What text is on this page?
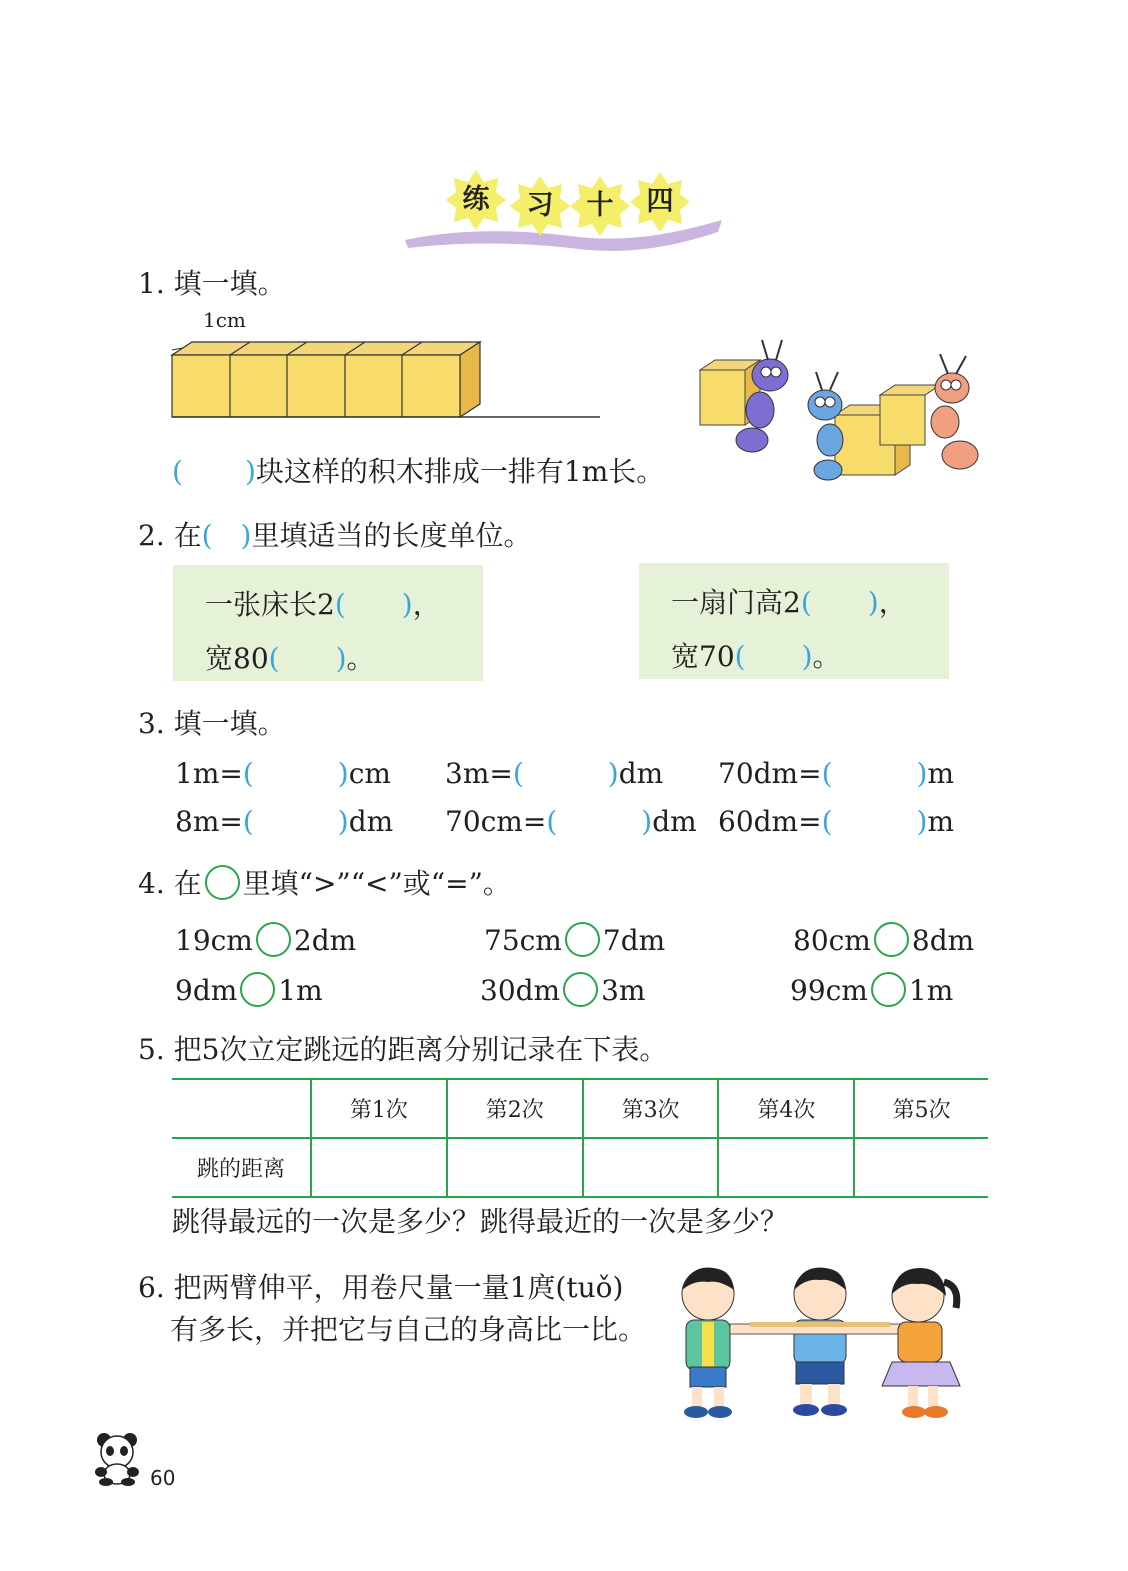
练	习	十	四
1. 填一填。
1cm
( )块这样的积木排成一排有1m长。
2. 在(　)里填适当的长度单位。
一张床长2(　　)，
宽80(　　)。
一扇门高2(　　)，
宽70(　　)。
3. 填一填。
1m=(　　　)cm 3m=(　　　)dm 70dm=(　　　)m
8m=(　　　)dm 70cm=(　　　)dm 60dm=(　　　)m
4. 在 里填“>”“<”或“=”。
19cm 2dm	75cm 7dm	80cm 8dm
9dm 1m	30dm 3m	99cm 1m
5. 把5次立定跳远的距离分别记录在下表。
	第1次	第2次	第3次	第4次	第5次
跳的距离					
跳得最远的一次是多少？跳得最近的一次是多少？
6. 把两臂伸平，用卷尺量一量1庹(tuǒ)
有多长，并把它与自己的身高比一比。
60
